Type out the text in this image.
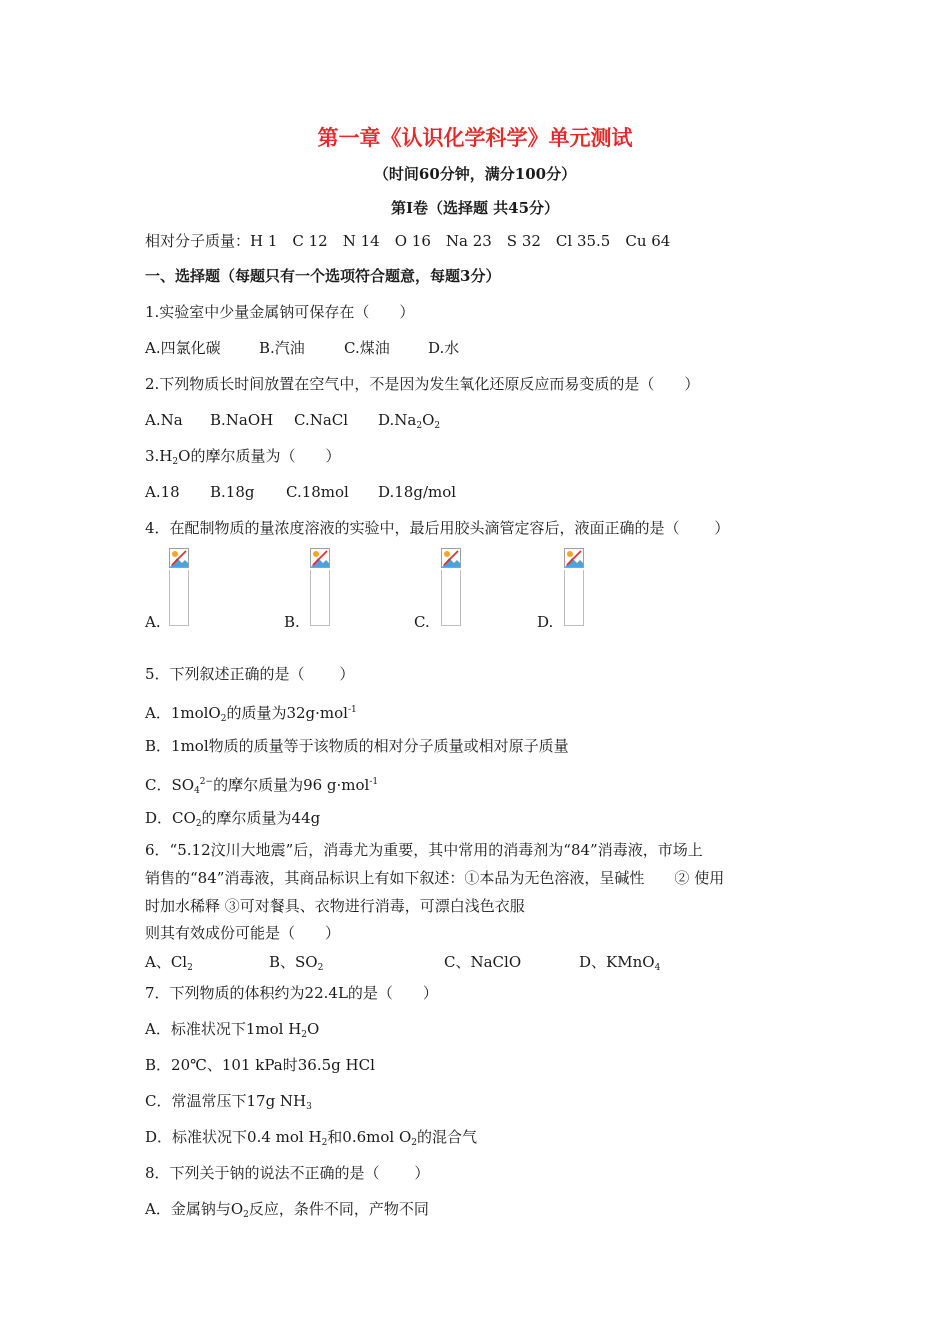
第一章《认识化学科学》单元测试
（时间60分钟，满分100分）
第Ⅰ卷（选择题 共45分）
相对分子质量：H 1　C 12　N 14　O 16　Na 23　S 32　Cl 35.5　Cu 64
一、选择题（每题只有一个选项符合题意，每题3分）
1.实验室中少量金属钠可保存在（　　）
A.四氯化碳	B.汽油	C.煤油	D.水
2.下列物质长时间放置在空气中，不是因为发生氧化还原反应而易变质的是（　　）
A.Na B.NaOH C.NaCl $D.Na_2O_2$
$3.H_2O$的摩尔质量为（　　）
A.18 B.18g C.18mol D.18g/mol
4．在配制物质的量浓度溶液的实验中，最后用胶头滴管定容后，液面正确的是（　　 ）
A.	B.	C.	D.
5．下列叙述正确的是（　　 ）
A．1molO$_2$的质量为32g·mol$^{-1}$
B．1mol物质的质量等于该物质的相对分子质量或相对原子质量
C．$SO_4^{2-}$的摩尔质量为96 g·mol$^{-1}$
D．$CO_2$的摩尔质量为44g
6．“5.12汶川大地震”后，消毒尤为重要，其中常用的消毒剂为“84”消毒液，市场上
销售的“84”消毒液，其商品标识上有如下叙述：①本品为无色溶液，呈碱性　　② 使用
时加水稀释 ③可对餐具、衣物进行消毒，可漂白浅色衣服
则其有效成份可能是（　　）
A、$Cl_2$	B、$SO_2$	C、NaClO	D、KMnO$_4$
7．下列物质的体积约为22.4L的是（　　）
A．标准状况下1mol $H_2O$
B．20℃、101 kPa时36.5g HCl
C．常温常压下17g $NH_3$
D．标准状况下0.4 mol $H_2$和0.6mol $O_2$的混合气
8．下列关于钠的说法不正确的是（　　 ）
A．金属钠与$O_2$反应，条件不同，产物不同
